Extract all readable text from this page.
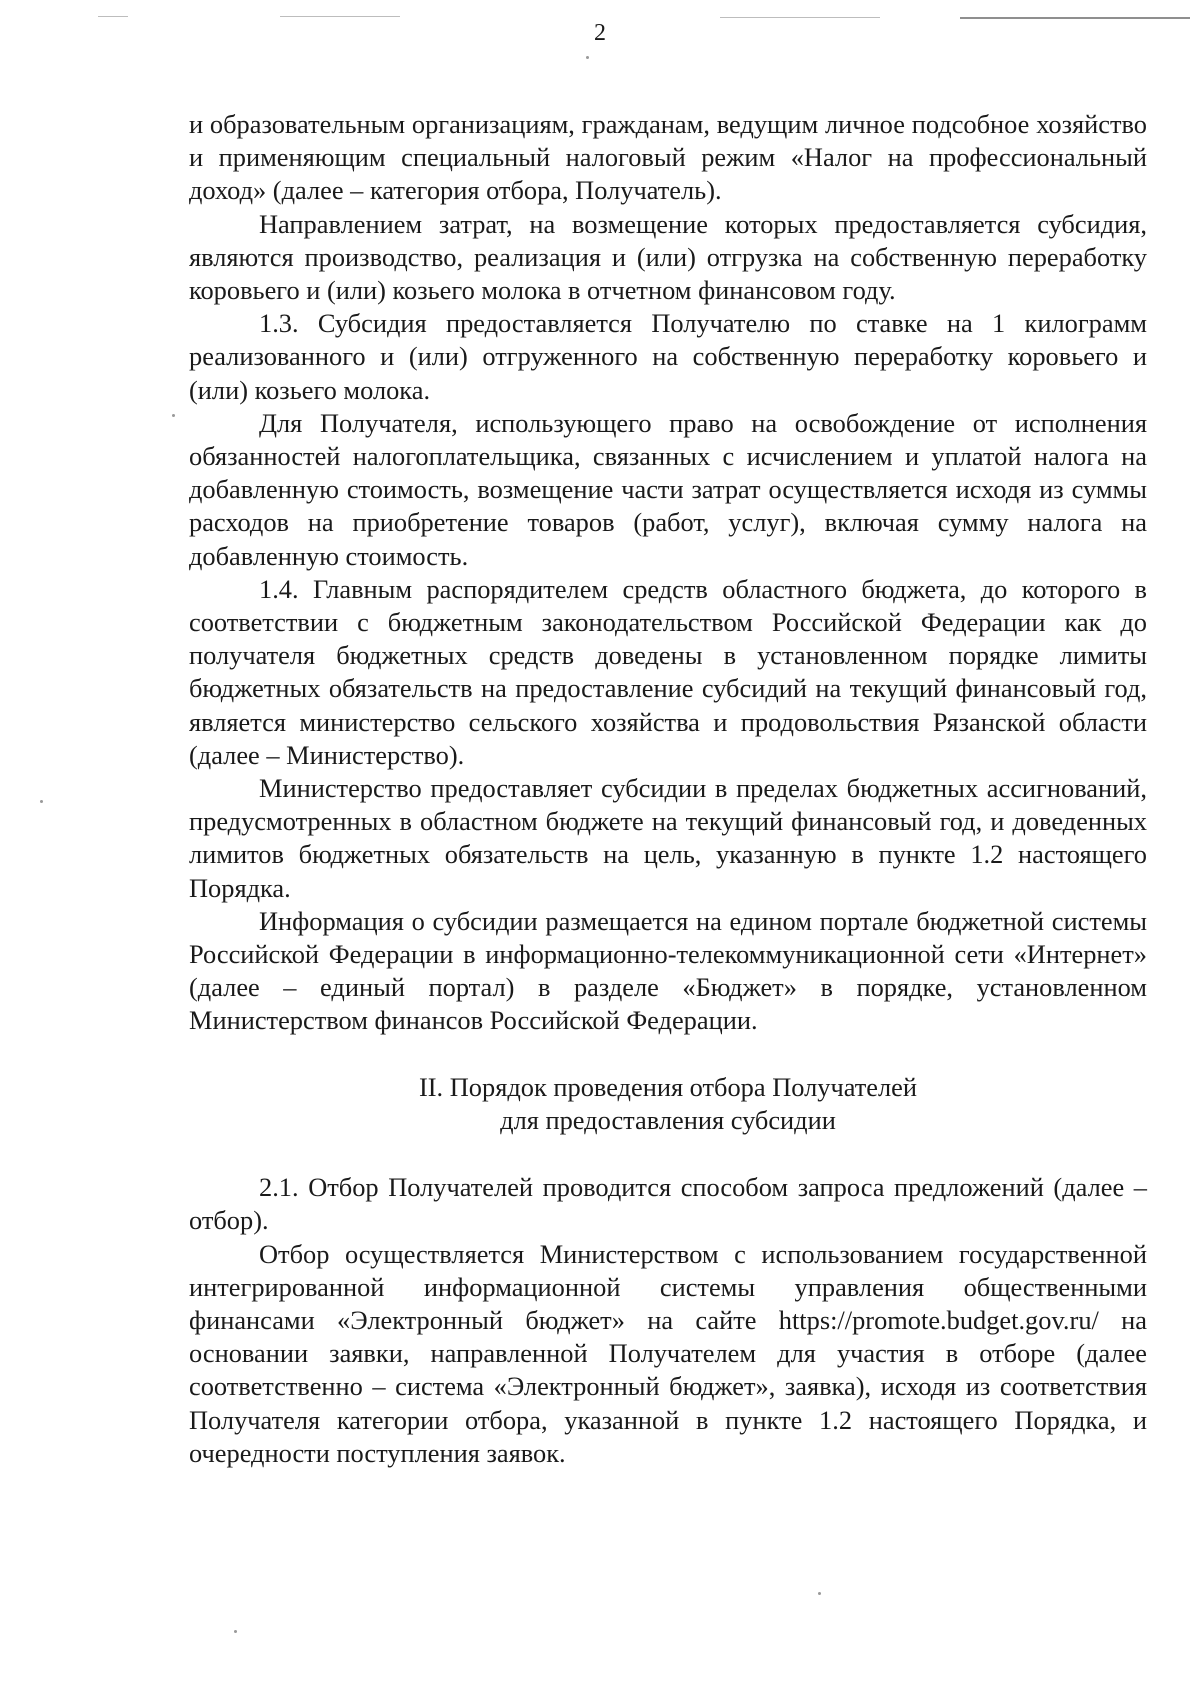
2

и образовательным организациям, гражданам, ведущим личное подсобное хозяйство и применяющим специальный налоговый режим «Налог на профессиональный доход» (далее – категория отбора, Получатель).

Направлением затрат, на возмещение которых предоставляется субсидия, являются производство, реализация и (или) отгрузка на собственную переработку коровьего и (или) козьего молока в отчетном финансовом году.

1.3. Субсидия предоставляется Получателю по ставке на 1 килограмм реализованного и (или) отгруженного на собственную переработку коровьего и (или) козьего молока.

Для Получателя, использующего право на освобождение от исполнения обязанностей налогоплательщика, связанных с исчислением и уплатой налога на добавленную стоимость, возмещение части затрат осуществляется исходя из суммы расходов на приобретение товаров (работ, услуг), включая сумму налога на добавленную стоимость.

1.4. Главным распорядителем средств областного бюджета, до которого в соответствии с бюджетным законодательством Российской Федерации как до получателя бюджетных средств доведены в установленном порядке лимиты бюджетных обязательств на предоставление субсидий на текущий финансовый год, является министерство сельского хозяйства и продовольствия Рязанской области (далее – Министерство).

Министерство предоставляет субсидии в пределах бюджетных ассигнований, предусмотренных в областном бюджете на текущий финансовый год, и доведенных лимитов бюджетных обязательств на цель, указанную в пункте 1.2 настоящего Порядка.

Информация о субсидии размещается на едином портале бюджетной системы Российской Федерации в информационно-телекоммуникационной сети «Интернет» (далее – единый портал) в разделе «Бюджет» в порядке, установленном Министерством финансов Российской Федерации.

II. Порядок проведения отбора Получателей
для предоставления субсидии

2.1. Отбор Получателей проводится способом запроса предложений (далее – отбор).

Отбор осуществляется Министерством с использованием государственной интегрированной информационной системы управления общественными финансами «Электронный бюджет» на сайте https://promote.budget.gov.ru/ на основании заявки, направленной Получателем для участия в отборе (далее соответственно – система «Электронный бюджет», заявка), исходя из соответствия Получателя категории отбора, указанной в пункте 1.2 настоящего Порядка, и очередности поступления заявок.
